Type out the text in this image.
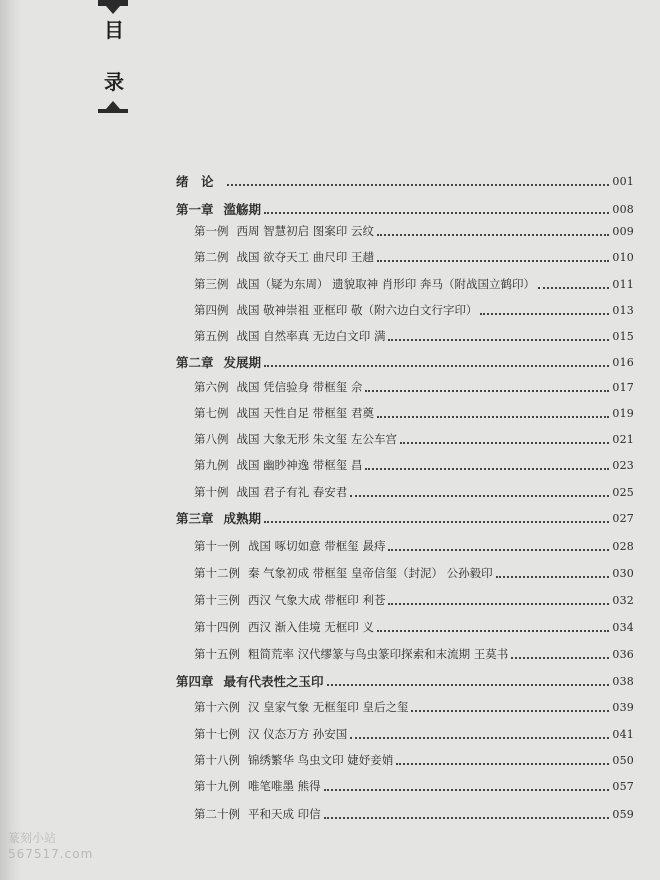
目
录
绪　论	001
第一章 滥觞期	008
第一例 西周 智慧初启 图案印 云纹	009
第二例 战国 欲夺天工 曲尺印 王趞	010
第三例 战国（疑为东周） 遗貌取神 肖形印 奔马（附战国立鹤印）	011
第四例 战国 敬神崇祖 亚框印 敬（附六边白文行字印）	013
第五例 战国 自然率真 无边白文印 满	015
第二章 发展期	016
第六例 战国 凭信验身 带框玺 佘	017
第七例 战国 天性自足 带框玺 君奠	019
第八例 战国 大象无形 朱文玺 左公车宫	021
第九例 战国 幽眇神逸 带框玺 昌	023
第十例 战国 君子有礼 春安君	025
第三章 成熟期	027
第十一例 战国 啄切如意 带框玺 晸痔	028
第十二例 秦 气象初成 带框玺 皇帝信玺（封泥） 公孙毅印	030
第十三例 西汉 气象大成 带框印 利苍	032
第十四例 西汉 渐入佳境 无框印 义	034
第十五例 粗简荒率 汉代缪篆与鸟虫篆印探索和末流期 王莫书	036
第四章 最有代表性之玉印	038
第十六例 汉 皇家气象 无框玺印 皇后之玺	039
第十七例 汉 仪态万方 孙安国	041
第十八例 锦绣繁华 鸟虫文印 婕妤妾娋	050
第十九例 唯笔唯墨 熊得	057
第二十例 平和天成 印信	059
篆刻小站
567517.com
